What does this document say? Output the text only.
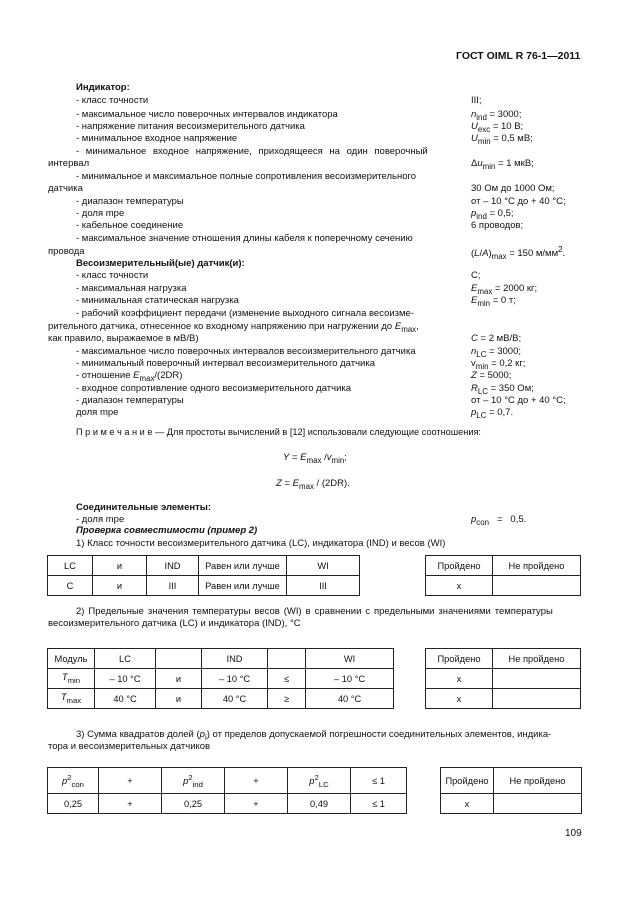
ГОСТ OIML R 76-1—2011
Индикатор:
- класс точности	III;
- максимальное число поверочных интервалов индикатора	$n_{ind} = 3000$;
- напряжение питания весоизмерительного датчика	$U_{exc} = 10$ В;
- минимальное входное напряжение	$U_{min} = 0,5$ мВ;
- минимальное входное напряжение, приходящееся на один поверочный
интервал	$\Delta u_{min} = 1$ мкВ;
- минимальное и максимальное полные сопротивления весоизмерительного
датчика	30 Ом до 1000 Ом;
- диапазон температуры	от – 10 °C до + 40 °C;
- доля mpe	$p_{ind} = 0,5$;
- кабельное соединение	6 проводов;
- максимальное значение отношения длины кабеля к поперечному сечению
провода	$(L/A)_{max} = 150$ $м/мм^2$.
Весоизмерительный(ые) датчик(и):
- класс точности	C;
- максимальная нагрузка	$E_{max} = 2000$ кг;
- минимальная статическая нагрузка	$E_{min} = 0$ т;
- рабочий коэффициент передачи (изменение выходного сигнала весоизме-
рительного датчика, отнесенное ко входному напряжению при нагружении до $E_{max}$,
как правило, выражаемое в мВ/В)	C = 2 мВ/В;
- максимальное число поверочных интервалов весоизмерительного датчика	$n_{LC} = 3000$;
- минимальный поверочный интервал весоизмерительного датчика	$v_{min} = 0,2$ кг;
- отношение $E_{max}/(2DR)$	Z = 5000;
- входное сопротивление одного весоизмерительного датчика	$R_{LC} = 350$ Ом;
- диапазон температуры	от – 10 °C до + 40 °C;
доля mpe	$p_{LC} = 0,7$.
П р и м е ч а н и е — Для простоты вычислений в [12] использовали следующие соотношения:
$Y = E_{max}$ $/v_{min}$;
$Z = E_{max} / (2DR)$.
Соединительные элементы:
- доля mpe	$p_{con} = 0,5$.
Проверка совместимости (пример 2)
1) Класс точности весоизмерительного датчика (LC), индикатора (IND) и весов (WI)
LC	и	IND	Равен или лучше	WI
C	и	III	Равен или лучше	III
Пройдено	Не пройдено
x	
2) Предельные значения температуры весов (WI) в сравнении с предельными значениями температуры
весоизмерительного датчика (LC) и индикатора (IND), °С
Модуль	LC		IND		WI
$T_{min}$	– 10 °C	и	– 10 °C	≤	– 10 °C
$T_{max}$	40 °C	и	40 °C	≥	40 °C
Пройдено	Не пройдено
x	
x	
3) Сумма квадратов долей $(p_i)$ от пределов допускаемой погрешности соединительных элементов, индика-
тора и весоизмерительных датчиков
$p^2_{con}$	+	$p^2_{ind}$	+	$p^2_{LC}$	≤ 1
0,25	+	0,25	+	0,49	≤ 1
Пройдено	Не пройдено
x	
109
